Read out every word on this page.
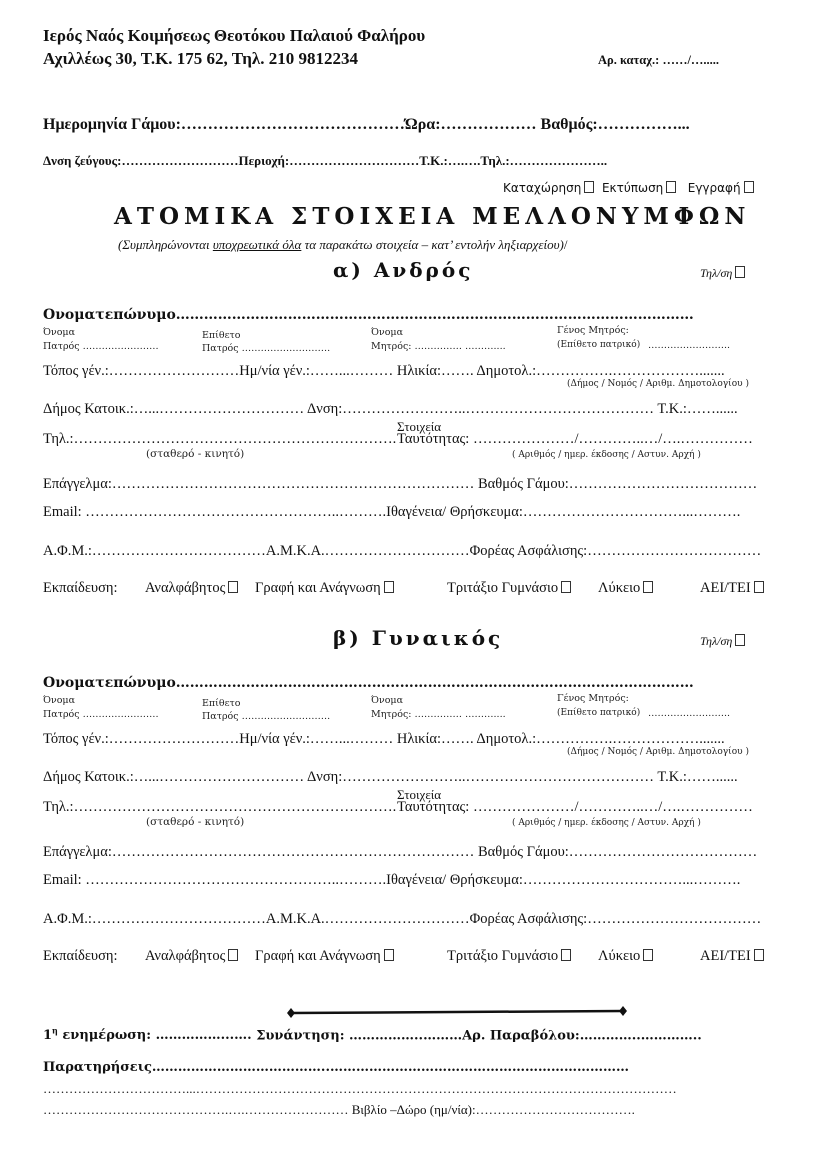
Ιερός Ναός Κοιμήσεως Θεοτόκου Παλαιού Φαλήρου
Αχιλλέως 30, Τ.Κ. 175 62, Τηλ. 210 9812234	Αρ. καταχ.: ……/….....
Ημερομηνία Γάμου:……………………………………Ώρα:……………… Βαθμός:……………...
Δνση ζεύγους:………………………Περιοχή:…………………………Τ.Κ.:….….Τηλ.:…………………..
Καταχώρηση Εκτύπωση Εγγραφή
ΑΤΟΜΙΚΑ ΣΤΟΙΧΕΙΑ ΜΕΛΛΟΝΥΜΦΩΝ
(Συμπληρώνονται υποχρεωτικά όλα τα παρακάτω στοιχεία – κατ’ εντολήν ληξιαρχείου)/
α) Ανδρός	Τηλ/ση
Ονοματεπώνυμο…………………………………………………………………………………………………
Όνομα
Πατρός ……………………
Επίθετο
Πατρός ……………………….
Όνομα
Μητρός: …………… ………....
Γένος Μητρός:
(Επίθετο πατρικό) ……………………..
Τόπος γέν.:………………………Ημ/νία γέν.:……...……… Ηλικία:……. Δημοτολ.:…………….……………….......
(Δήμος / Νομός / Αριθμ. Δημοτολογίου )
Δήμος Κατοικ.:…...………………………… Δνση:……………………..………………………………… Τ.Κ.:……......
Τηλ.:………………………………………………………….
(σταθερό - κινητό)
Στοιχεία
Ταυτότητας: …………………/…………..…/….……………
( Αριθμός / ημερ. έκδοσης / Αστυν. Αρχή )
Επάγγελμα:………………………………………………………………… Βαθμός Γάμου:…………………………………
Email: ……………………………………………..……….Ιθαγένεια/ Θρήσκευμα:……………………………...……….
Α.Φ.Μ.:………………………………Α.Μ.Κ.Α.…………………………Φορέας Ασφάλισης:………………………………
Εκπαίδευση: Αναλφάβητος	Γραφή και Ανάγνωση	Τριτάξιο Γυμνάσιο	Λύκειο	ΑΕΙ/ΤΕΙ
β) Γυναικός	Τηλ/ση
Ονοματεπώνυμο…………………………………………………………………………………………………
Όνομα
Πατρός ……………………
Επίθετο
Πατρός ……………………….
Όνομα
Μητρός: …………… ………....
Γένος Μητρός:
(Επίθετο πατρικό) ……………………..
Τόπος γέν.:………………………Ημ/νία γέν.:……...……… Ηλικία:……. Δημοτολ.:…………….……………….......
(Δήμος / Νομός / Αριθμ. Δημοτολογίου )
Δήμος Κατοικ.:…...………………………… Δνση:……………………..………………………………… Τ.Κ.:……......
Τηλ.:………………………………………………………….
(σταθερό - κινητό)
Στοιχεία
Ταυτότητας: …………………/…………..…/….……………
( Αριθμός / ημερ. έκδοσης / Αστυν. Αρχή )
Επάγγελμα:………………………………………………………………… Βαθμός Γάμου:…………………………………
Email: ……………………………………………..……….Ιθαγένεια/ Θρήσκευμα:……………………………...……….
Α.Φ.Μ.:………………………………Α.Μ.Κ.Α.…………………………Φορέας Ασφάλισης:………………………………
Εκπαίδευση: Αναλφάβητος	Γραφή και Ανάγνωση	Τριτάξιο Γυμνάσιο	Λύκειο	ΑΕΙ/ΤΕΙ
$1^\eta$ ενημέρωση: ……………...…. Συνάντηση: ……………..………Αρ. Παραβόλου:…………..…………..
Παρατηρήσεις…………………………………..……………………………………………………………
……………………………...…………………………………………………………………………………………………
…………………………………….….…………………… Βιβλίο –Δώρο (ημ/νία):……………………………….
